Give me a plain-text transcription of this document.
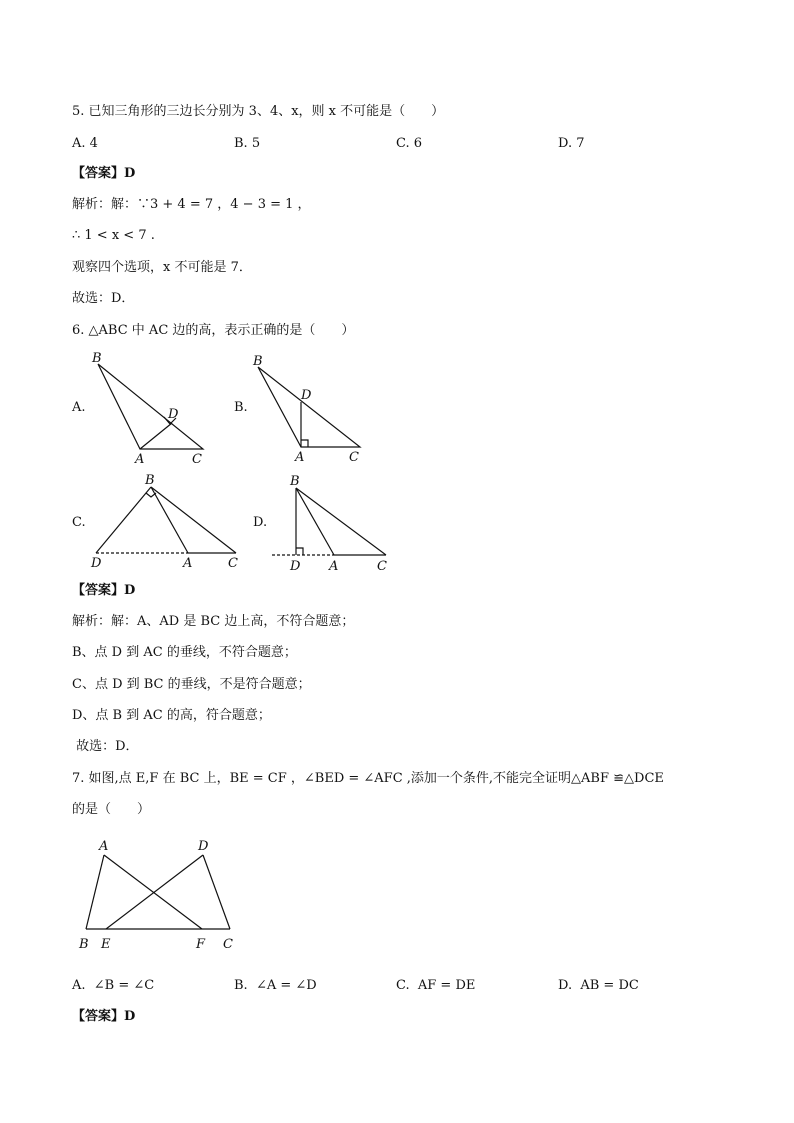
5. 已知三角形的三边长分别为 3、4、x，则 x 不可能是（　　）
A. 4	B. 5	C. 6	D. 7
【答案】D
解析：解：∵3 + 4 = 7 ，4 − 3 = 1 ，
∴ 1 < x < 7 .
观察四个选项，x 不可能是 7．
故选：D．
6. △ABC 中 AC 边的高，表示正确的是（　　）
A.
B
D
A	C
B.
B
D
A	C
C.
B
D	A	C
D.
B
D A	C
【答案】D
解析：解：A、AD 是 BC 边上高，不符合题意；
B、点 D 到 AC 的垂线，不符合题意；
C、点 D 到 BC 的垂线，不是符合题意；
D、点 B 到 AC 的高，符合题意；
故选：D．
7. 如图,点 E,F 在 BC 上，BE = CF ，∠BED = ∠AFC ,添加一个条件,不能完全证明△ABF ≌△DCE
的是（　　）
A	D
B E	F C
A.  ∠B = ∠C	B.  ∠A = ∠D	C.  AF = DE	D.  AB = DC
【答案】D
